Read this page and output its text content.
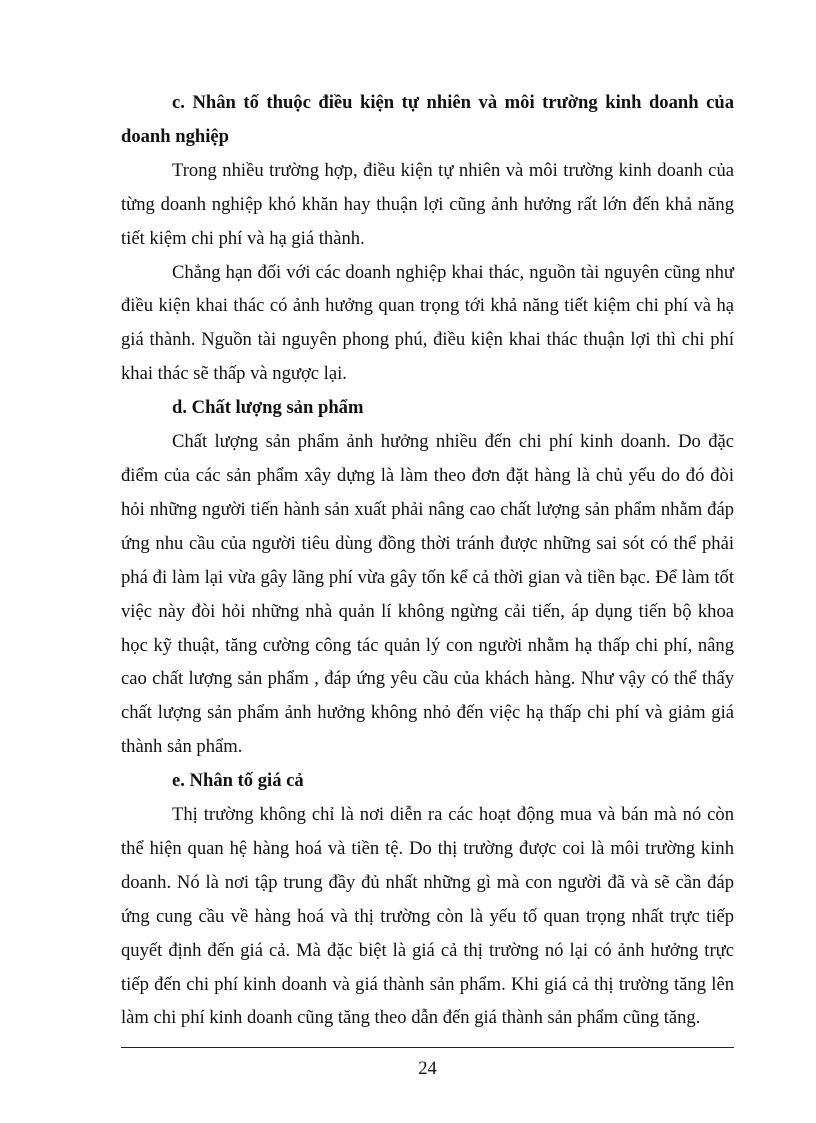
c. Nhân tố thuộc điều kiện tự nhiên và môi trường kinh doanh của doanh nghiệp

Trong nhiều trường hợp, điều kiện tự nhiên và môi trường kinh doanh của từng doanh nghiệp khó khăn hay thuận lợi cũng ảnh hưởng rất lớn đến khả năng tiết kiệm chi phí và hạ giá thành.

Chẳng hạn đối với các doanh nghiệp khai thác, nguồn tài nguyên cũng như điều kiện khai thác có ảnh hưởng quan trọng tới khả năng tiết kiệm chi phí và hạ giá thành. Nguồn tài nguyên phong phú, điều kiện khai thác thuận lợi thì chi phí khai thác sẽ thấp và ngược lại.

d. Chất lượng sản phẩm

Chất lượng sản phẩm ảnh hưởng nhiều đến chi phí kinh doanh. Do đặc điểm của các sản phẩm xây dựng là làm theo đơn đặt hàng là chủ yếu do đó đòi hỏi những người tiến hành sản xuất phải nâng cao chất lượng sản phẩm nhằm đáp ứng nhu cầu của người tiêu dùng đồng thời tránh được những sai sót có thể phải phá đi làm lại vừa gây lãng phí vừa gây tốn kể cả thời gian và tiền bạc. Để làm tốt việc này đòi hỏi những nhà quản lí không ngừng cải tiến, áp dụng tiến bộ khoa học kỹ thuật, tăng cường công tác quản lý con người nhằm hạ thấp chi phí, nâng cao chất lượng sản phẩm , đáp ứng yêu cầu của khách hàng. Như vậy có thể thấy chất lượng sản phẩm ảnh hưởng không nhỏ đến việc hạ thấp chi phí và giảm giá thành sản phẩm.

e. Nhân tố giá cả

Thị trường không chỉ là nơi diễn ra các hoạt động mua và bán mà nó còn thể hiện quan hệ hàng hoá và tiền tệ. Do thị trường được coi là môi trường kinh doanh. Nó là nơi tập trung đầy đủ nhất những gì mà con người đã và sẽ cần đáp ứng cung cầu về hàng hoá và thị trường còn là yếu tố quan trọng nhất trực tiếp quyết định đến giá cả. Mà đặc biệt là giá cả thị trường nó lại có ảnh hưởng trực tiếp đến chi phí kinh doanh và giá thành sản phẩm. Khi giá cả thị trường tăng lên làm chi phí kinh doanh cũng tăng theo dẫn đến giá thành sản phẩm cũng tăng.

24
